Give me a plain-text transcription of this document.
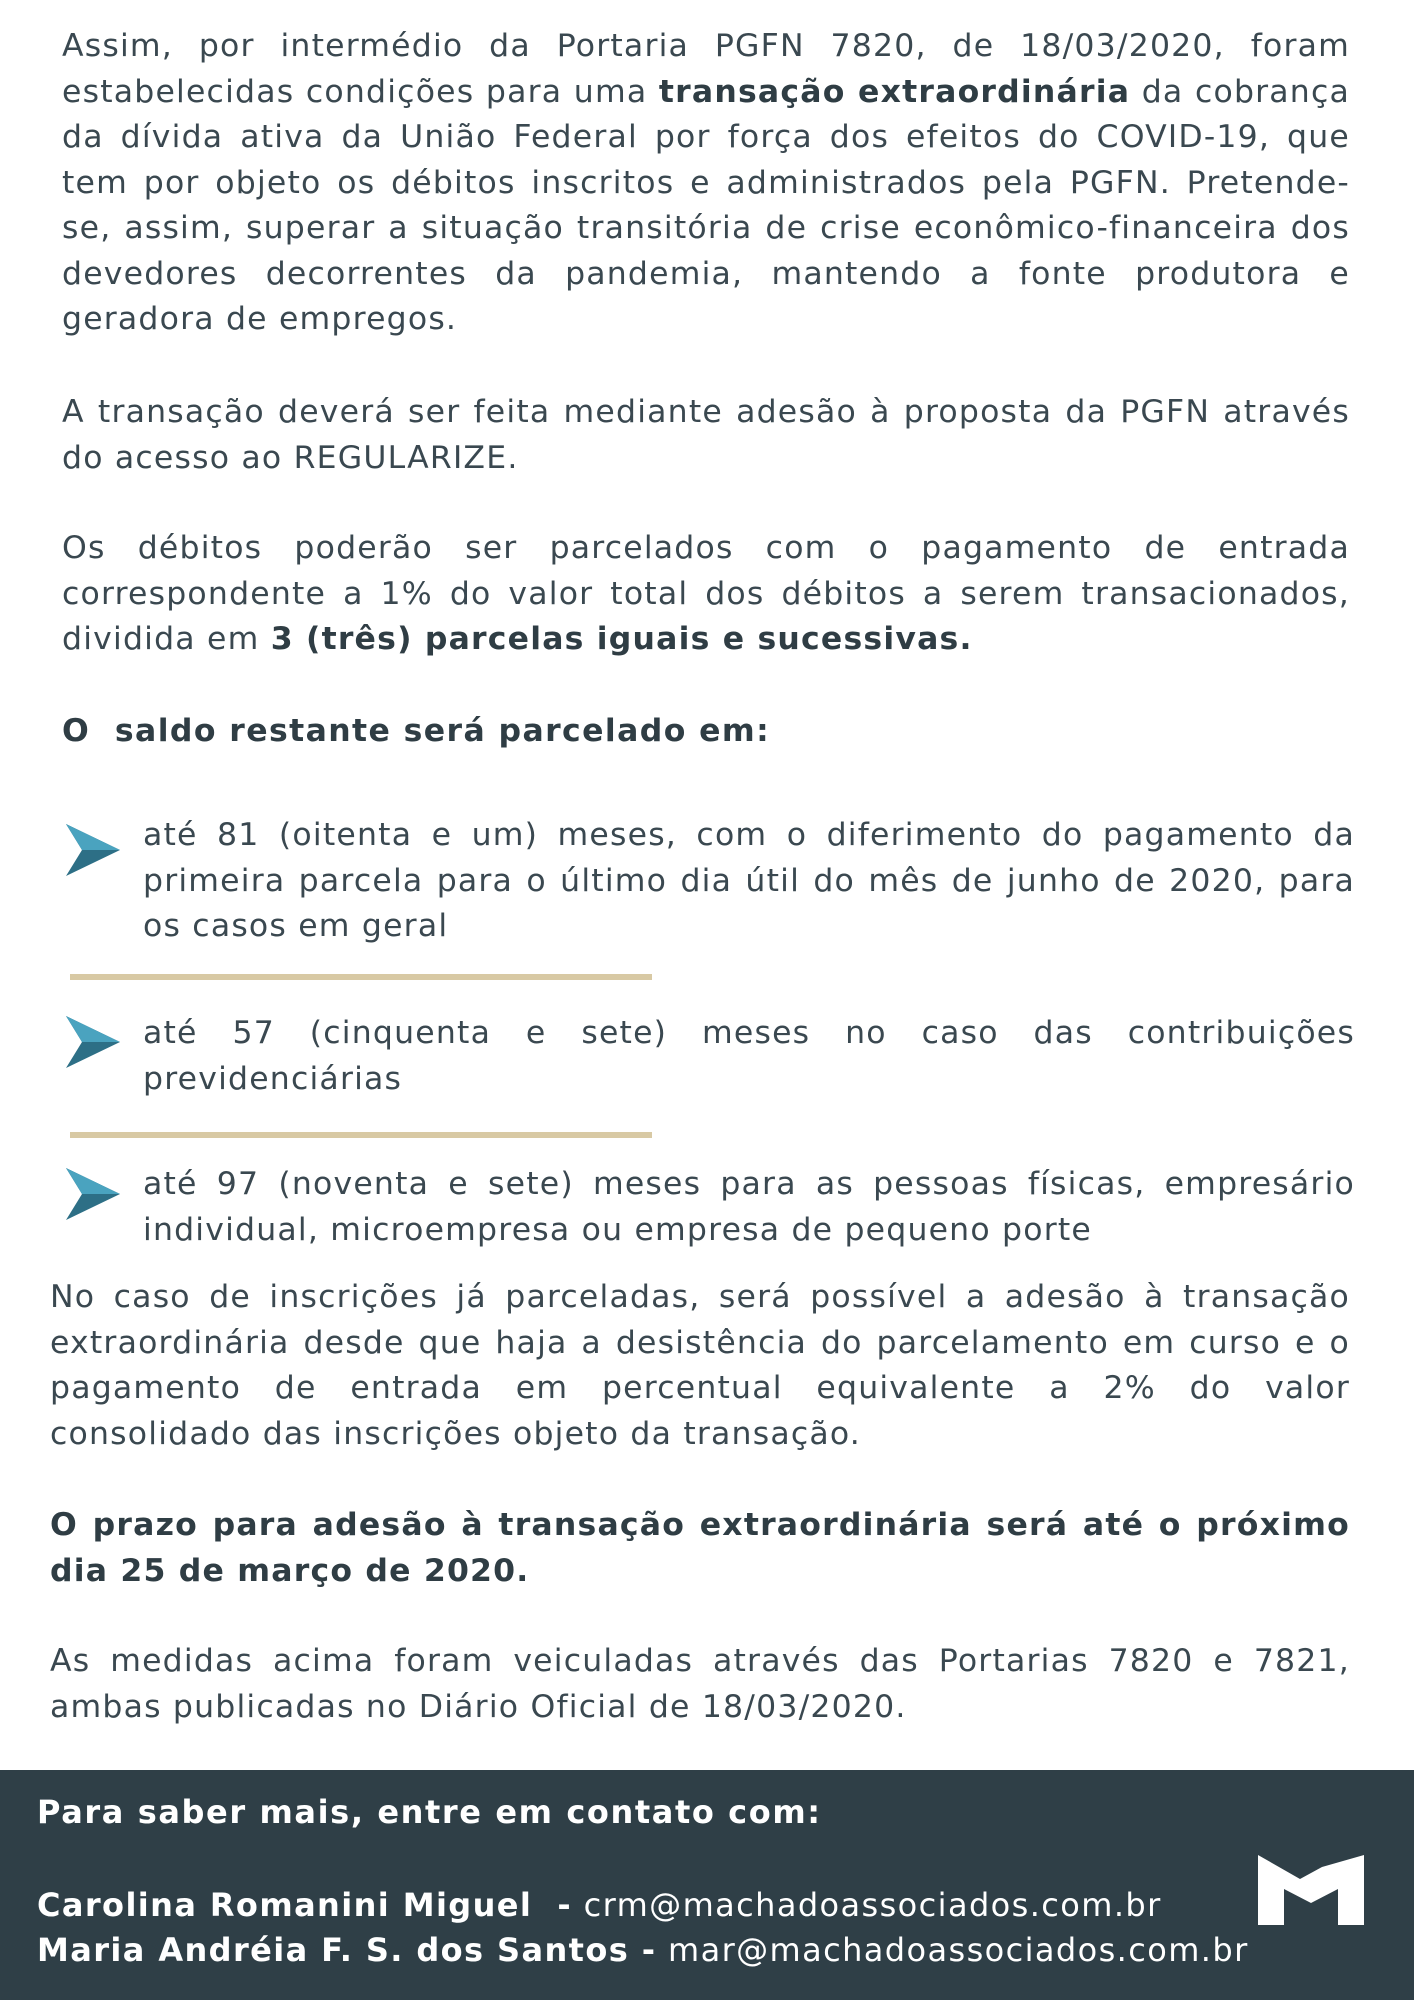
Assim, por intermédio da Portaria PGFN 7820, de 18/03/2020, foram estabelecidas condições para uma transação extraordinária da cobrança da dívida ativa da União Federal por força dos efeitos do COVID-19, que tem por objeto os débitos inscritos e administrados pela PGFN. Pretende-se, assim, superar a situação transitória de crise econômico-financeira dos devedores decorrentes da pandemia, mantendo a fonte produtora e geradora de empregos.

A transação deverá ser feita mediante adesão à proposta da PGFN através do acesso ao REGULARIZE.

Os débitos poderão ser parcelados com o pagamento de entrada correspondente a 1% do valor total dos débitos a serem transacionados, dividida em 3 (três) parcelas iguais e sucessivas.

O  saldo restante será parcelado em:

até 81 (oitenta e um) meses, com o diferimento do pagamento da primeira parcela para o último dia útil do mês de junho de 2020, para os casos em geral

até 57 (cinquenta e sete) meses no caso das contribuições previdenciárias

até 97 (noventa e sete) meses para as pessoas físicas, empresário individual, microempresa ou empresa de pequeno porte

No caso de inscrições já parceladas, será possível a adesão à transação extraordinária desde que haja a desistência do parcelamento em curso e o pagamento de entrada em percentual equivalente a 2% do valor consolidado das inscrições objeto da transação.

O prazo para adesão à transação extraordinária será até o próximo dia 25 de março de 2020.

As medidas acima foram veiculadas através das Portarias 7820 e 7821, ambas publicadas no Diário Oficial de 18/03/2020.

Para saber mais, entre em contato com:

Carolina Romanini Miguel  - crm@machadoassociados.com.br

Maria Andréia F. S. dos Santos - mar@machadoassociados.com.br
